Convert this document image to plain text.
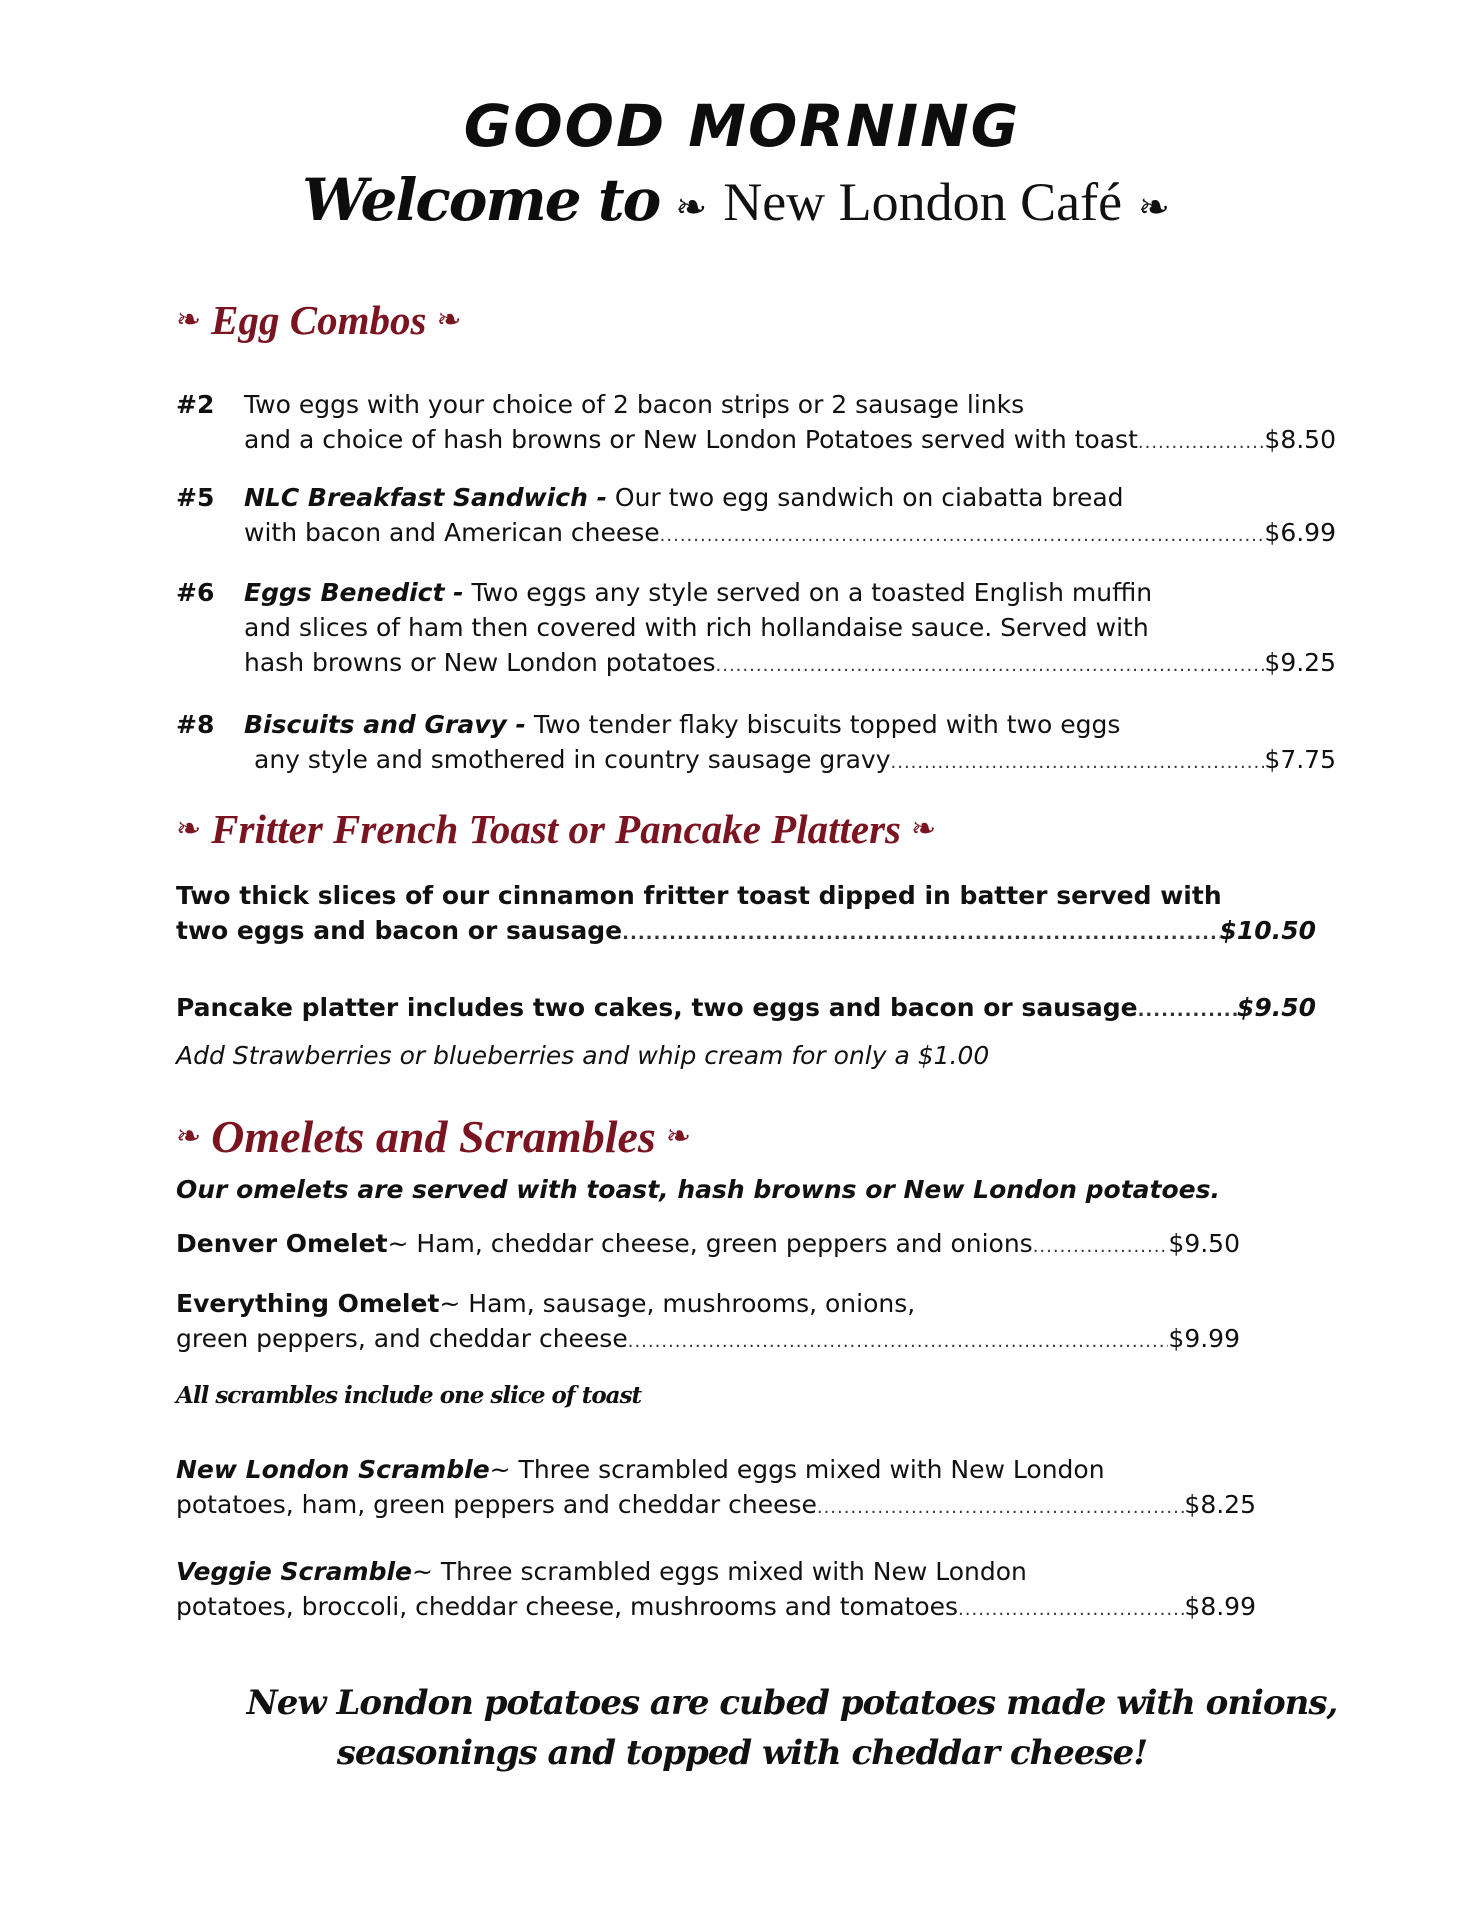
GOOD MORNING
Welcome to ❧ New London Café ❧
❧ Egg Combos ❧
#2 Two eggs with your choice of 2 bacon strips or 2 sausage links
and a choice of hash browns or New London Potatoes served with toast .....	$8.50
#5 NLC Breakfast Sandwich -
Our two egg sandwich on ciabatta bread
with bacon and American cheese .....	$6.99
#6 Eggs Benedict -
Two eggs any style served on a toasted English muffin
and slices of ham then covered with rich hollandaise sauce. Served with
hash browns or New London potatoes .....	$9.25
#8 Biscuits and Gravy -
Two tender flaky biscuits topped with two eggs
any style and smothered in country sausage gravy .....	$7.75
❧ Fritter French Toast or Pancake Platters ❧
Two thick slices of our cinnamon fritter toast dipped in batter served with
two eggs and bacon or sausage .....	$10.50
Pancake platter includes two cakes, two eggs and bacon or sausage .....	$9.50
Add Strawberries or blueberries and whip cream for only a $1.00
❧ Omelets and Scrambles ❧
Our omelets are served with toast, hash browns or New London potatoes.
Denver Omelet ~ Ham, cheddar cheese, green peppers and onions .....	$9.50
Everything Omelet ~ Ham, sausage, mushrooms, onions,
green peppers, and cheddar cheese .....	$9.99
All scrambles include one slice of toast
New London Scramble ~ Three scrambled eggs mixed with New London
potatoes, ham, green peppers and cheddar cheese .....	$8.25
Veggie Scramble ~ Three scrambled eggs mixed with New London
potatoes, broccoli, cheddar cheese, mushrooms and tomatoes .....	$8.99
New London potatoes are cubed potatoes made with onions,
seasonings and topped with cheddar cheese!
